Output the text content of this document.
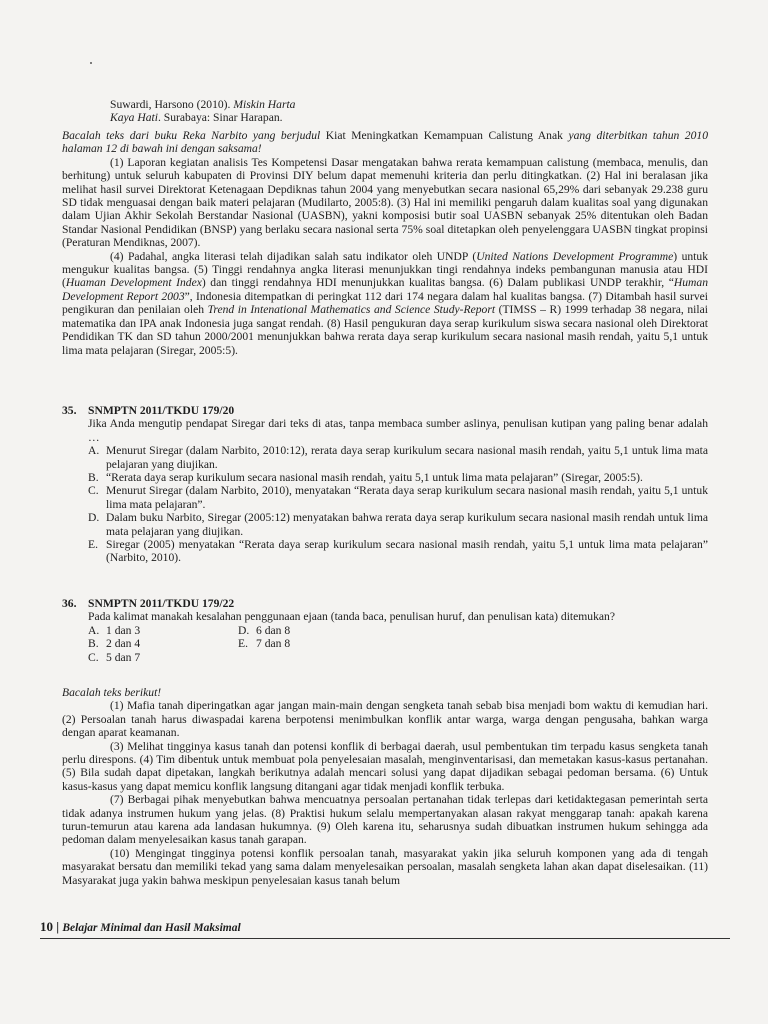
Suwardi, Harsono (2010). Miskin Harta

Kaya Hati. Surabaya: Sinar Harapan.

Bacalah teks dari buku Reka Narbito yang berjudul Kiat Meningkatkan Kemampuan Calistung Anak yang diterbitkan tahun 2010 halaman 12 di bawah ini dengan saksama!

(1) Laporan kegiatan analisis Tes Kompetensi Dasar mengatakan bahwa rerata kemampuan calistung (membaca, menulis, dan berhitung) untuk seluruh kabupaten di Provinsi DIY belum dapat memenuhi kriteria dan perlu ditingkatkan. (2) Hal ini beralasan jika melihat hasil survei Direktorat Ketenagaan Depdiknas tahun 2004 yang menyebutkan secara nasional 65,29% dari sebanyak 29.238 guru SD tidak menguasai dengan baik materi pelajaran (Mudilarto, 2005:8). (3) Hal ini memiliki pengaruh dalam kualitas soal yang digunakan dalam Ujian Akhir Sekolah Berstandar Nasional (UASBN), yakni komposisi butir soal UASBN sebanyak 25% ditentukan oleh Badan Standar Nasional Pendidikan (BNSP) yang berlaku secara nasional serta 75% soal ditetapkan oleh penyelenggara UASBN tingkat propinsi (Peraturan Mendiknas, 2007).

(4) Padahal, angka literasi telah dijadikan salah satu indikator oleh UNDP (United Nations Development Programme) untuk mengukur kualitas bangsa. (5) Tinggi rendahnya angka literasi menunjukkan tingi rendahnya indeks pembangunan manusia atau HDI (Huaman Development Index) dan tinggi rendahnya HDI menunjukkan kualitas bangsa. (6) Dalam publikasi UNDP terakhir, “Human Development Report 2003”, Indonesia ditempatkan di peringkat 112 dari 174 negara dalam hal kualitas bangsa. (7) Ditambah hasil survei pengikuran dan penilaian oleh Trend in Intenational Mathematics and Science Study-Report (TIMSS – R) 1999 terhadap 38 negara, nilai matematika dan IPA anak Indonesia juga sangat rendah. (8) Hasil pengukuran daya serap kurikulum siswa secara nasional oleh Direktorat Pendidikan TK dan SD tahun 2000/2001 menunjukkan bahwa rerata daya serap kurikulum secara nasional masih rendah, yaitu 5,1 untuk lima mata pelajaran (Siregar, 2005:5).

35. SNMPTN 2011/TKDU 179/20

Jika Anda mengutip pendapat Siregar dari teks di atas, tanpa membaca sumber aslinya, penulisan kutipan yang paling benar adalah …

A. Menurut Siregar (dalam Narbito, 2010:12), rerata daya serap kurikulum secara nasional masih rendah, yaitu 5,1 untuk lima mata pelajaran yang diujikan.
B. “Rerata daya serap kurikulum secara nasional masih rendah, yaitu 5,1 untuk lima mata pelajaran” (Siregar, 2005:5).
C. Menurut Siregar (dalam Narbito, 2010), menyatakan “Rerata daya serap kurikulum secara nasional masih rendah, yaitu 5,1 untuk lima mata pelajaran”.
D. Dalam buku Narbito, Siregar (2005:12) menyatakan bahwa rerata daya serap kurikulum secara nasional masih rendah untuk lima mata pelajaran yang diujikan.
E. Siregar (2005) menyatakan “Rerata daya serap kurikulum secara nasional masih rendah, yaitu 5,1 untuk lima mata pelajaran” (Narbito, 2010).
36. SNMPTN 2011/TKDU 179/22

Pada kalimat manakah kesalahan penggunaan ejaan (tanda baca, penulisan huruf, dan penulisan kata) ditemukan?

A. 1 dan 3	D. 6 dan 8
B. 2 dan 4	E. 7 dan 8
C. 5 dan 7

Bacalah teks berikut!

(1) Mafia tanah diperingatkan agar jangan main-main dengan sengketa tanah sebab bisa menjadi bom waktu di kemudian hari. (2) Persoalan tanah harus diwaspadai karena berpotensi menimbulkan konflik antar warga, warga dengan pengusaha, bahkan warga dengan aparat keamanan.

(3) Melihat tingginya kasus tanah dan potensi konflik di berbagai daerah, usul pembentukan tim terpadu kasus sengketa tanah perlu direspons. (4) Tim dibentuk untuk membuat pola penyelesaian masalah, menginventarisasi, dan memetakan kasus-kasus pertanahan. (5) Bila sudah dapat dipetakan, langkah berikutnya adalah mencari solusi yang dapat dijadikan sebagai pedoman bersama. (6) Untuk kasus-kasus yang dapat memicu konflik langsung ditangani agar tidak menjadi konflik terbuka.

(7) Berbagai pihak menyebutkan bahwa mencuatnya persoalan pertanahan tidak terlepas dari ketidaktegasan pemerintah serta tidak adanya instrumen hukum yang jelas. (8) Praktisi hukum selalu mempertanyakan alasan rakyat menggarap tanah: apakah karena turun-temurun atau karena ada landasan hukumnya. (9) Oleh karena itu, seharusnya sudah dibuatkan instrumen hukum sehingga ada pedoman dalam menyelesaikan kasus tanah garapan.

(10) Mengingat tingginya potensi konflik persoalan tanah, masyarakat yakin jika seluruh komponen yang ada di tengah masyarakat bersatu dan memiliki tekad yang sama dalam menyelesaikan persoalan, masalah sengketa lahan akan dapat diselesaikan. (11) Masyarakat juga yakin bahwa meskipun penyelesaian kasus tanah belum

10 | Belajar Minimal dan Hasil Maksimal
